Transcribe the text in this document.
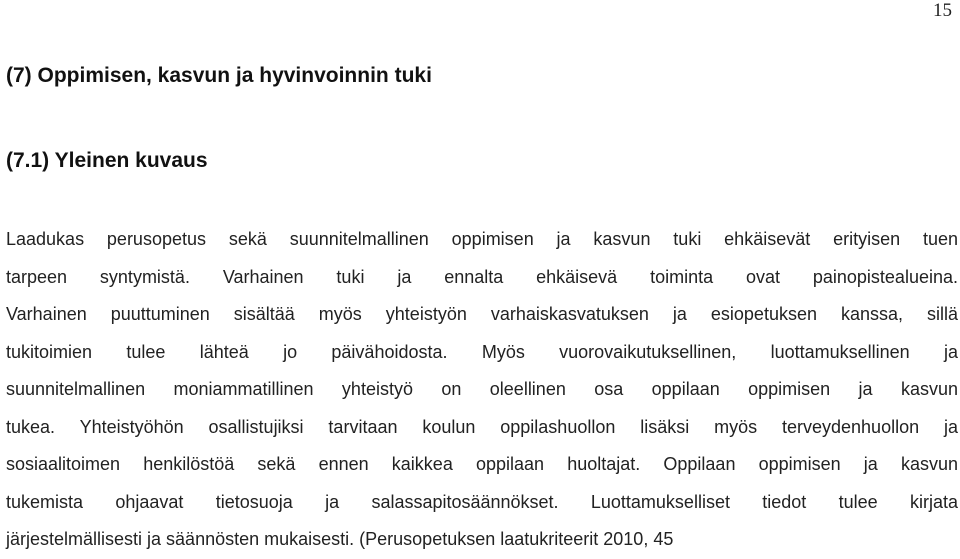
15
(7) Oppimisen, kasvun ja hyvinvoinnin tuki
(7.1) Yleinen kuvaus

Laadukas perusopetus sekä suunnitelmallinen oppimisen ja kasvun tuki ehkäisevät erityisen tuen
tarpeen syntymistä. Varhainen tuki ja ennalta ehkäisevä toiminta ovat painopistealueina.
Varhainen puuttuminen sisältää myös yhteistyön varhaiskasvatuksen ja esiopetuksen kanssa, sillä
tukitoimien tulee lähteä jo päivähoidosta. Myös vuorovaikutuksellinen, luottamuksellinen ja
suunnitelmallinen moniammatillinen yhteistyö on oleellinen osa oppilaan oppimisen ja kasvun
tukea. Yhteistyöhön osallistujiksi tarvitaan koulun oppilashuollon lisäksi myös terveydenhuollon ja
sosiaalitoimen henkilöstöä sekä ennen kaikkea oppilaan huoltajat. Oppilaan oppimisen ja kasvun
tukemista ohjaavat tietosuoja ja salassapitosäännökset. Luottamukselliset tiedot tulee kirjata
järjestelmällisesti ja säännösten mukaisesti. (Perusopetuksen laatukriteerit 2010, 45
